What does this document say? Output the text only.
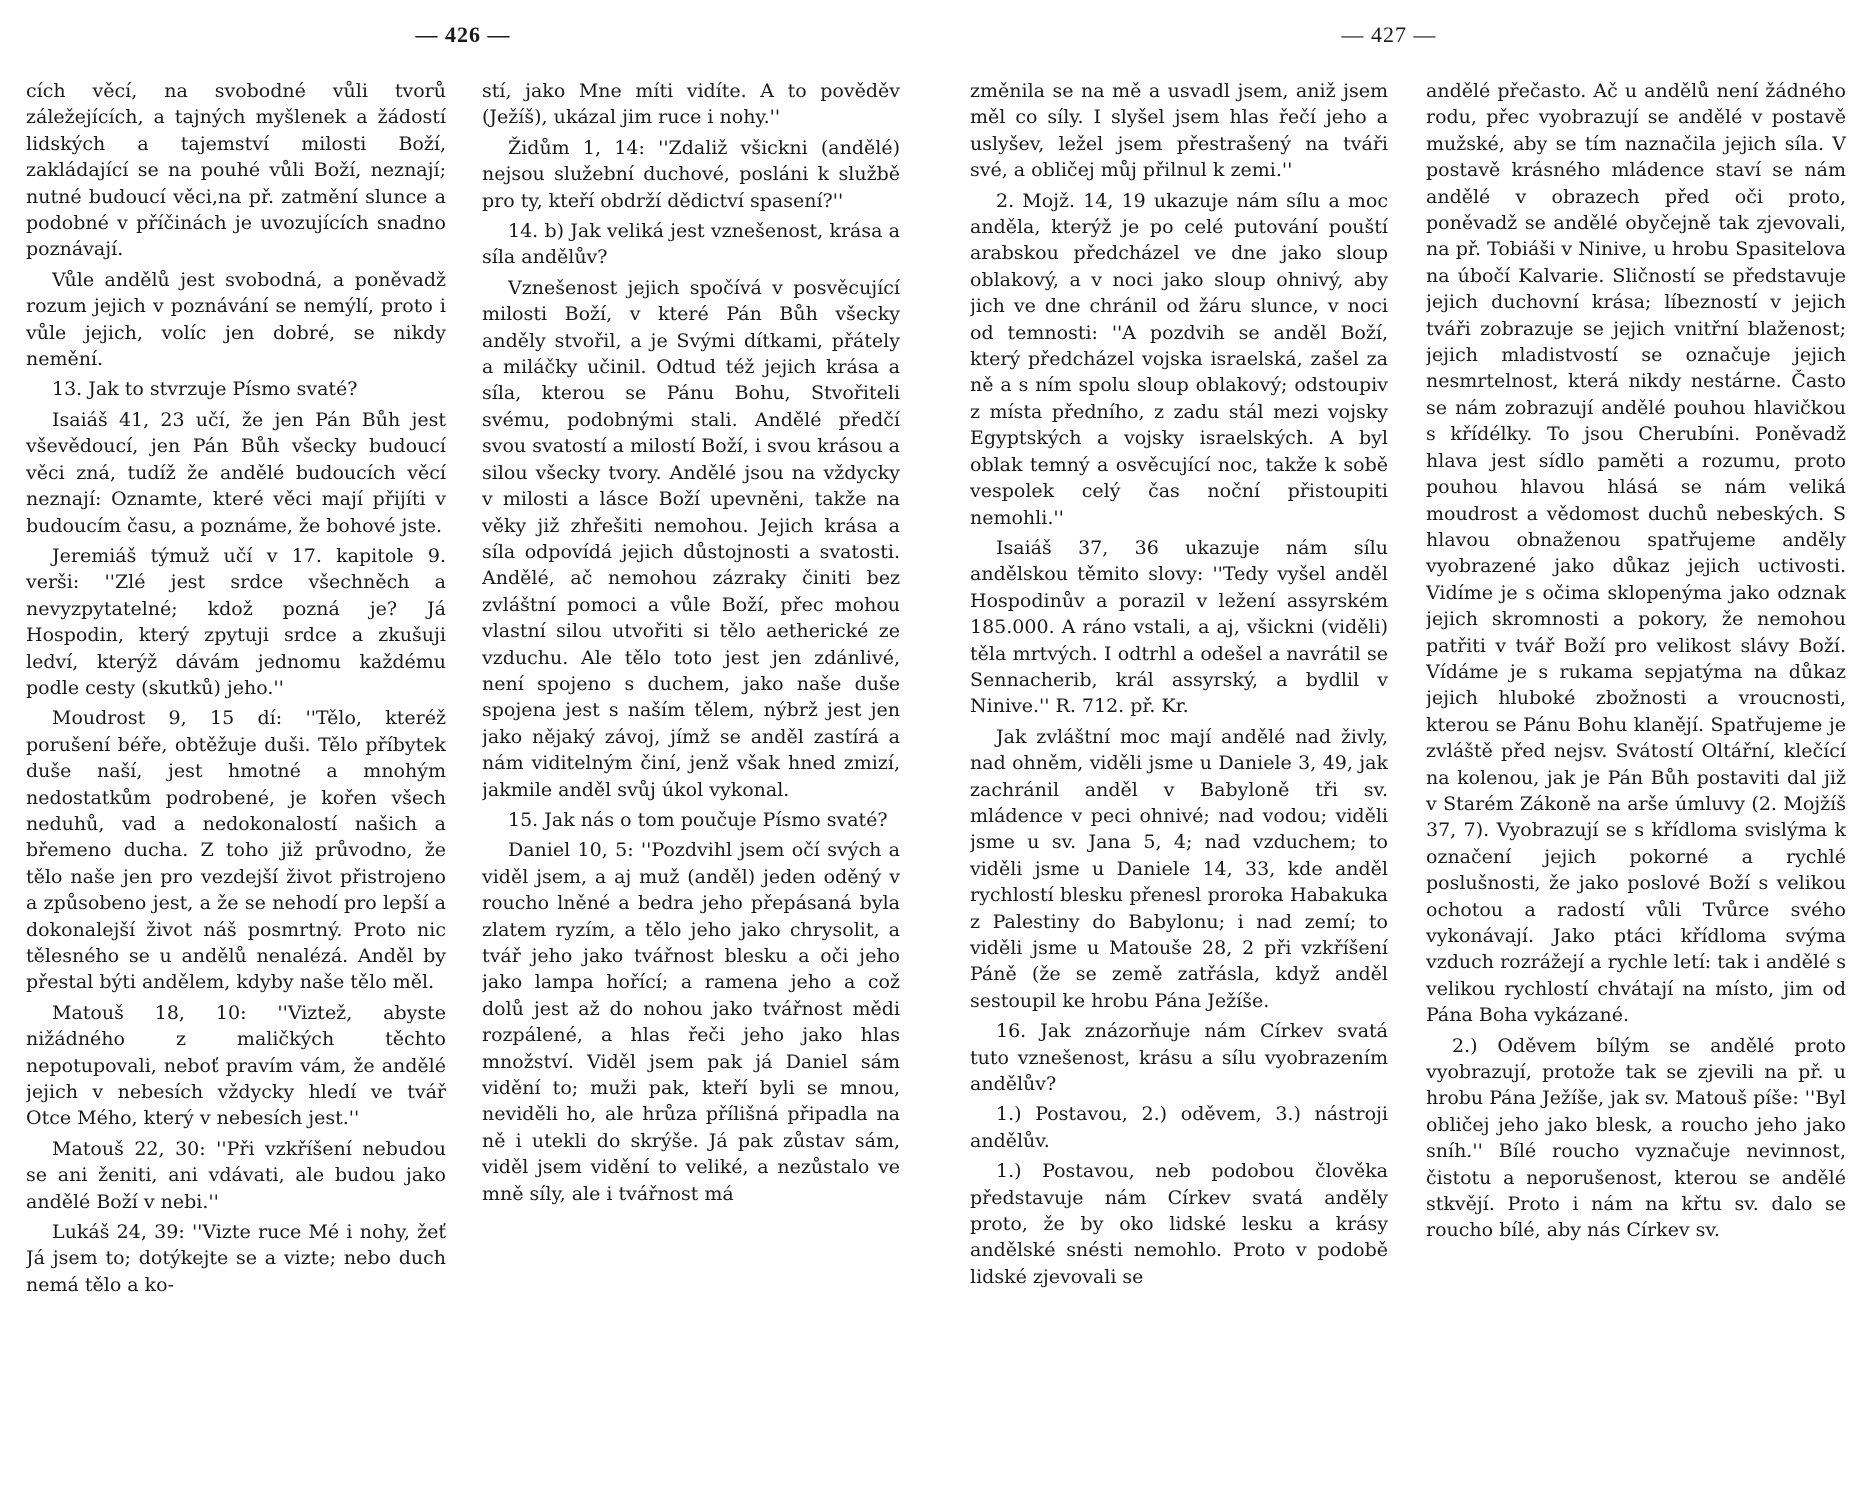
— 426 —

cích věcí, na svobodné vůli tvorů záležejících, a tajných myšlenek a žádostí lidských a tajemství milosti Boží, zakládající se na pouhé vůli Boží, neznají; nutné budoucí věci,na př. zatmění slunce a podobné v příčinách je uvozujících snadno poznávají.

Vůle andělů jest svobodná, a poněvadž rozum jejich v poznávání se nemýlí, proto i vůle jejich, volíc jen dobré, se nikdy nemění.

13. Jak to stvrzuje Písmo svaté?

Isaiáš 41, 23 učí, že jen Pán Bůh jest vševědoucí, jen Pán Bůh všecky budoucí věci zná, tudíž že andělé budoucích věcí neznají: Oznamte, které věci mají přijíti v budoucím času, a poznáme, že bohové jste.

Jeremiáš týmuž učí v 17. kapitole 9. verši: ''Zlé jest srdce všechněch a nevyzpytatelné; kdož pozná je? Já Hospodin, který zpytuji srdce a zkušuji ledví, kterýž dávám jednomu každému podle cesty (skutků) jeho.''

Moudrost 9, 15 dí: ''Tělo, kteréž porušení béře, obtěžuje duši. Tělo příbytek duše naší, jest hmotné a mnohým nedostatkům podrobené, je kořen všech neduhů, vad a nedokonalostí našich a břemeno ducha. Z toho již průvodno, že tělo naše jen pro vezdejší život přistrojeno a způsobeno jest, a že se nehodí pro lepší a dokonalejší život náš posmrtný. Proto nic tělesného se u andělů nenalézá. Anděl by přestal býti andělem, kdyby naše tělo měl.

Matouš 18, 10: ''Viztež, abyste nižádného z maličkých těchto nepotupovali, neboť pravím vám, že andělé jejich v nebesích vždycky hledí ve tvář Otce Mého, který v nebesích jest.''

Matouš 22, 30: ''Při vzkříšení nebudou se ani ženiti, ani vdávati, ale budou jako andělé Boží v nebi.''

Lukáš 24, 39: ''Vizte ruce Mé i nohy, žeť Já jsem to; dotýkejte se a vizte; nebo duch nemá tělo a ko-

stí, jako Mne míti vidíte. A to pověděv (Ježíš), ukázal jim ruce i nohy.''

Židům 1, 14: ''Zdaliž všickni (andělé) nejsou služební duchové, posláni k službě pro ty, kteří obdrží dědictví spasení?''

14. b) Jak veliká jest vznešenost, krása a síla andělův?

Vznešenost jejich spočívá v posvěcující milosti Boží, v které Pán Bůh všecky anděly stvořil, a je Svými dítkami, přátely a miláčky učinil. Odtud též jejich krása a síla, kterou se Pánu Bohu, Stvořiteli svému, podobnými stali. Andělé předčí svou svatostí a milostí Boží, i svou krásou a silou všecky tvory. Andělé jsou na vždycky v milosti a lásce Boží upevněni, takže na věky již zhřešiti nemohou. Jejich krása a síla odpovídá jejich důstojnosti a svatosti. Andělé, ač nemohou zázraky činiti bez zvláštní pomoci a vůle Boží, přec mohou vlastní silou utvořiti si tělo aetherické ze vzduchu. Ale tělo toto jest jen zdánlivé, není spojeno s duchem, jako naše duše spojena jest s naším tělem, nýbrž jest jen jako nějaký závoj, jímž se anděl zastírá a nám viditelným činí, jenž však hned zmizí, jakmile anděl svůj úkol vykonal.

15. Jak nás o tom poučuje Písmo svaté?

Daniel 10, 5: ''Pozdvihl jsem očí svých a viděl jsem, a aj muž (anděl) jeden oděný v roucho lněné a bedra jeho přepásaná byla zlatem ryzím, a tělo jeho jako chrysolit, a tvář jeho jako tvářnost blesku a oči jeho jako lampa hořící; a ramena jeho a což dolů jest až do nohou jako tvářnost mědi rozpálené, a hlas řeči jeho jako hlas množství. Viděl jsem pak já Daniel sám vidění to; muži pak, kteří byli se mnou, neviděli ho, ale hrůza přílišná připadla na ně i utekli do skrýše. Já pak zůstav sám, viděl jsem vidění to veliké, a nezůstalo ve mně síly, ale i tvářnost má

— 427 —

změnila se na mě a usvadl jsem, aniž jsem měl co síly. I slyšel jsem hlas řečí jeho a uslyšev, ležel jsem přestrašený na tváři své, a obličej můj přilnul k zemi.''

2. Mojž. 14, 19 ukazuje nám sílu a moc anděla, kterýž je po celé putování pouští arabskou předcházel ve dne jako sloup oblakový, a v noci jako sloup ohnivý, aby jich ve dne chránil od žáru slunce, v noci od temnosti: ''A pozdvih se anděl Boží, který předcházel vojska israelská, zašel za ně a s ním spolu sloup oblakový; odstoupiv z místa předního, z zadu stál mezi vojsky Egyptských a vojsky israelských. A byl oblak temný a osvěcující noc, takže k sobě vespolek celý čas noční přistoupiti nemohli.''

Isaiáš 37, 36 ukazuje nám sílu andělskou těmito slovy: ''Tedy vyšel anděl Hospodinův a porazil v ležení assyrském 185.000. A ráno vstali, a aj, všickni (viděli) těla mrtvých. I odtrhl a odešel a navrátil se Sennacherib, král assyrský, a bydlil v Ninive.'' R. 712. př. Kr.

Jak zvláštní moc mají andělé nad živly, nad ohněm, viděli jsme u Daniele 3, 49, jak zachránil anděl v Babyloně tři sv. mládence v peci ohnivé; nad vodou; viděli jsme u sv. Jana 5, 4; nad vzduchem; to viděli jsme u Daniele 14, 33, kde anděl rychlostí blesku přenesl proroka Habakuka z Palestiny do Babylonu; i nad zemí; to viděli jsme u Matouše 28, 2 při vzkříšení Páně (že se země zatřásla, když anděl sestoupil ke hrobu Pána Ježíše.

16. Jak znázorňuje nám Církev svatá tuto vznešenost, krásu a sílu vyobrazením andělův?

1.) Postavou, 2.) oděvem, 3.) nástroji andělův.

1.) Postavou, neb podobou člověka představuje nám Církev svatá anděly proto, že by oko lidské lesku a krásy andělské snésti nemohlo. Proto v podobě lidské zjevovali se

andělé přečasto. Ač u andělů není žádného rodu, přec vyobrazují se andělé v postavě mužské, aby se tím naznačila jejich síla. V postavě krásného mládence staví se nám andělé v obrazech před oči proto, poněvadž se andělé obyčejně tak zjevovali, na př. Tobiáši v Ninive, u hrobu Spasitelova na úbočí Kalvarie. Sličností se představuje jejich duchovní krása; líbezností v jejich tváři zobrazuje se jejich vnitřní blaženost; jejich mladistvostí se označuje jejich nesmrtelnost, která nikdy nestárne. Často se nám zobrazují andělé pouhou hlavičkou s křídélky. To jsou Cherubíni. Poněvadž hlava jest sídlo paměti a rozumu, proto pouhou hlavou hlásá se nám veliká moudrost a vědomost duchů nebeských. S hlavou obnaženou spatřujeme anděly vyobrazené jako důkaz jejich uctivosti. Vidíme je s očima sklopenýma jako odznak jejich skromnosti a pokory, že nemohou patřiti v tvář Boží pro velikost slávy Boží. Vídáme je s rukama sepjatýma na důkaz jejich hluboké zbožnosti a vroucnosti, kterou se Pánu Bohu klanějí. Spatřujeme je zvláště před nejsv. Svátostí Oltářní, klečící na kolenou, jak je Pán Bůh postaviti dal již v Starém Zákoně na arše úmluvy (2. Mojžíš 37, 7). Vyobrazují se s křídloma svislýma k označení jejich pokorné a rychlé poslušnosti, že jako poslové Boží s velikou ochotou a radostí vůli Tvůrce svého vykonávají. Jako ptáci křídloma svýma vzduch rozrážejí a rychle letí: tak i andělé s velikou rychlostí chvátají na místo, jim od Pána Boha vykázané.

2.) Oděvem bílým se andělé proto vyobrazují, protože tak se zjevili na př. u hrobu Pána Ježíše, jak sv. Matouš píše: ''Byl obličej jeho jako blesk, a roucho jeho jako sníh.'' Bílé roucho vyznačuje nevinnost, čistotu a neporušenost, kterou se andělé stkvějí. Proto i nám na křtu sv. dalo se roucho bílé, aby nás Církev sv.
